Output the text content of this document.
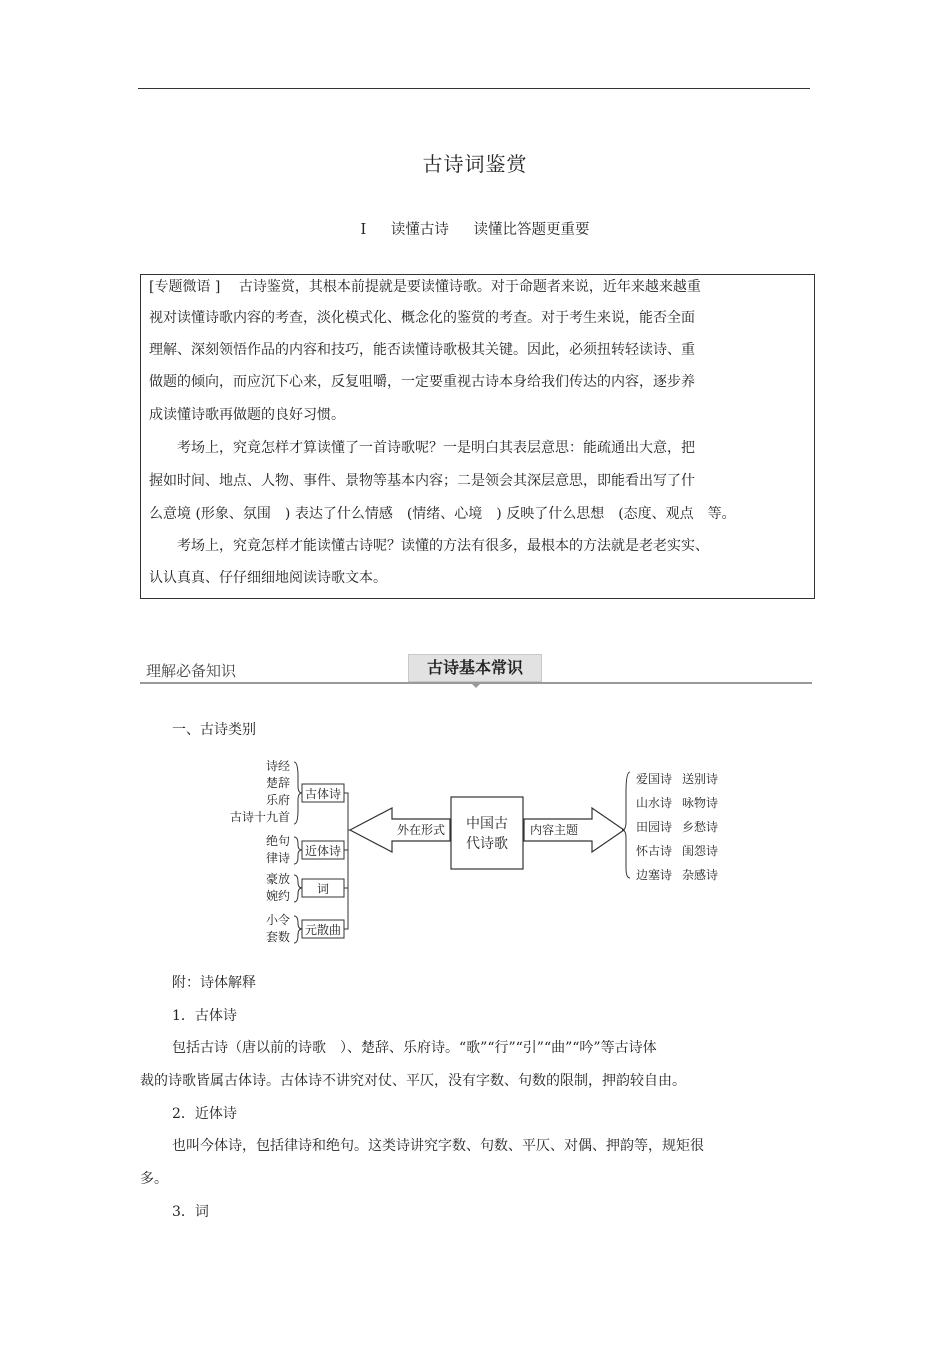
古诗词鉴赏
Ⅰ 读懂古诗 读懂比答题更重要
[专题微语 ]　 古诗鉴赏，其根本前提就是要读懂诗歌。对于命题者来说，近年来越来越重
视对读懂诗歌内容的考查，淡化模式化、概念化的鉴赏的考查。对于考生来说，能否全面
理解、深刻领悟作品的内容和技巧，能否读懂诗歌极其关键。因此，必须扭转轻读诗、重
做题的倾向，而应沉下心来，反复咀嚼，一定要重视古诗本身给我们传达的内容，逐步养
成读懂诗歌再做题的良好习惯。
　　考场上，究竟怎样才算读懂了一首诗歌呢？一是明白其表层意思：能疏通出大意，把
握如时间、地点、人物、事件、景物等基本内容；二是领会其深层意思，即能看出写了什
么意境 (形象、氛围　) 表达了什么情感　(情绪、心境　) 反映了什么思想　(态度、观点　等。
　　考场上，究竟怎样才能读懂古诗呢？读懂的方法有很多，最根本的方法就是老老实实、
认认真真、仔仔细细地阅读诗歌文本。
理解必备知识	古诗基本常识
一、古诗类别
诗经
楚辞
乐府
古诗十九首
绝句
律诗
豪放
婉约
小令
套数
古体诗
近体诗
词
元散曲
外在形式 中国古
代诗歌
内容主题
爱国诗 送别诗
山水诗 咏物诗
田园诗 乡愁诗
怀古诗 闺怨诗
边塞诗 杂感诗
附：诗体解释
1．古体诗
包括古诗（唐以前的诗歌　）、楚辞、乐府诗。“歌”“行”“引”“曲”“吟”等古诗体
裁的诗歌皆属古体诗。古体诗不讲究对仗、平仄，没有字数、句数的限制，押韵较自由。
2．近体诗
也叫今体诗，包括律诗和绝句。这类诗讲究字数、句数、平仄、对偶、押韵等，规矩很
多。
3．词
